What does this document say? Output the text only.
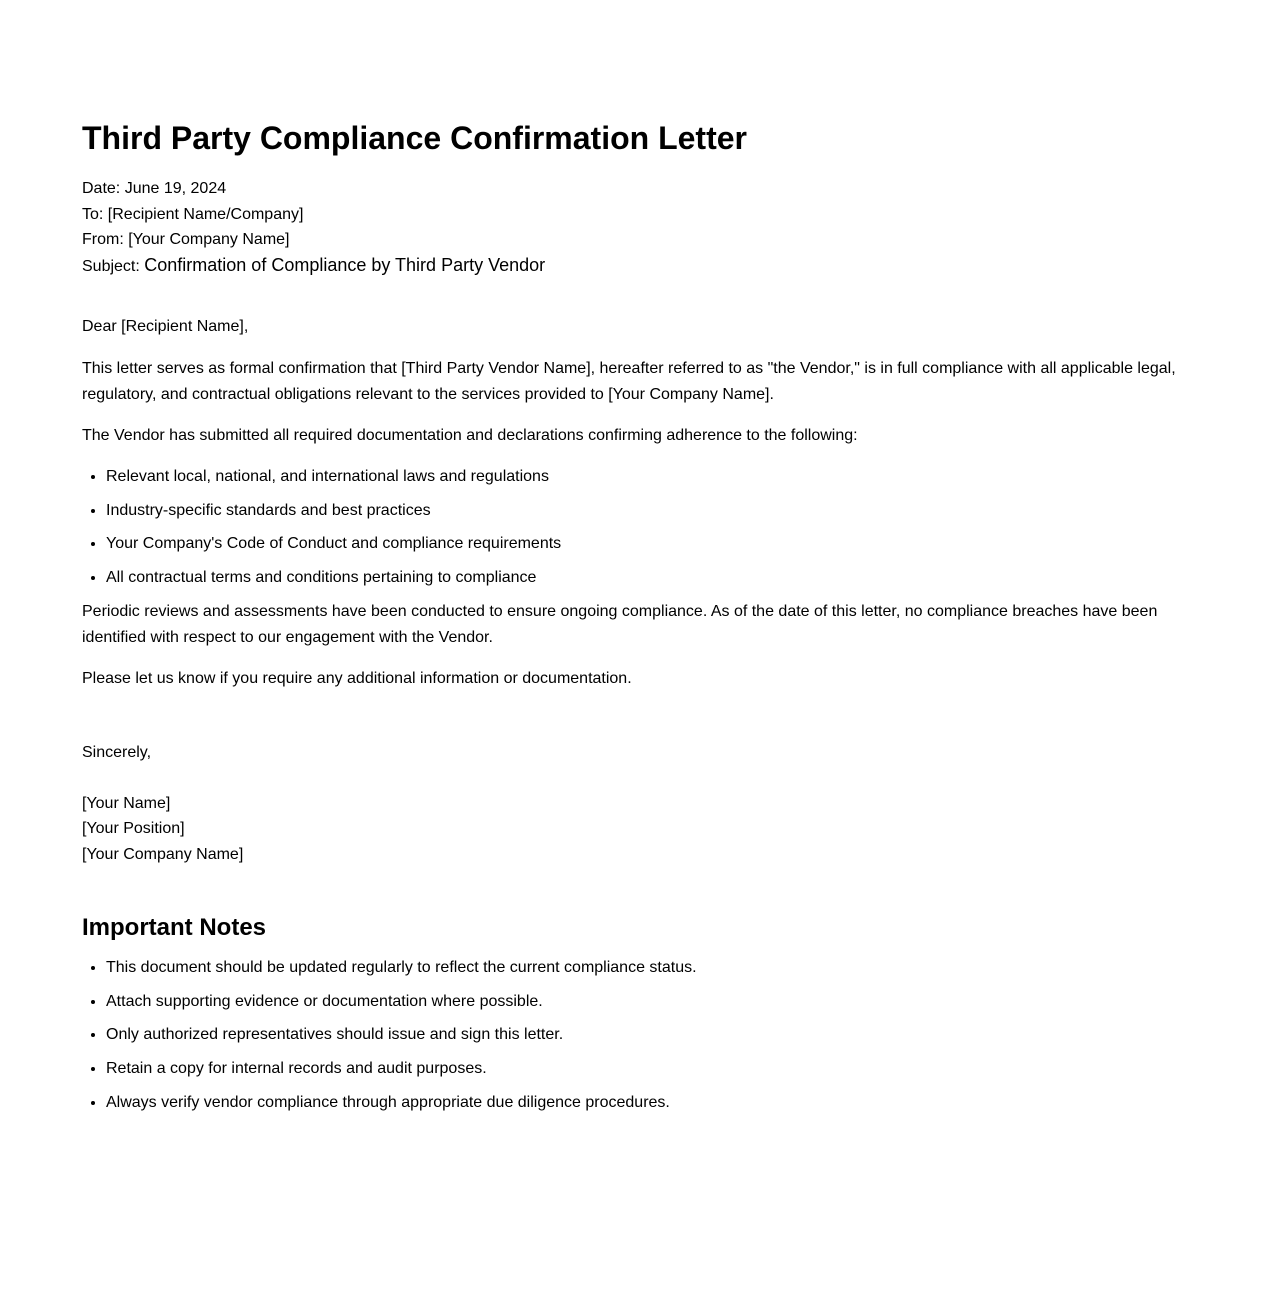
Third Party Compliance Confirmation Letter
Date: June 19, 2024
To: [Recipient Name/Company]
From: [Your Company Name]
Subject: Confirmation of Compliance by Third Party Vendor
Dear [Recipient Name],

This letter serves as formal confirmation that [Third Party Vendor Name], hereafter referred to as "the Vendor," is in full compliance with all applicable legal, regulatory, and contractual obligations relevant to the services provided to [Your Company Name].

The Vendor has submitted all required documentation and declarations confirming adherence to the following:

• Relevant local, national, and international laws and regulations
• Industry-specific standards and best practices
• Your Company's Code of Conduct and compliance requirements
• All contractual terms and conditions pertaining to compliance

Periodic reviews and assessments have been conducted to ensure ongoing compliance. As of the date of this letter, no compliance breaches have been identified with respect to our engagement with the Vendor.

Please let us know if you require any additional information or documentation.

Sincerely,
[Your Name]
[Your Position]
[Your Company Name]
Important Notes
• This document should be updated regularly to reflect the current compliance status.
• Attach supporting evidence or documentation where possible.
• Only authorized representatives should issue and sign this letter.
• Retain a copy for internal records and audit purposes.
• Always verify vendor compliance through appropriate due diligence procedures.
